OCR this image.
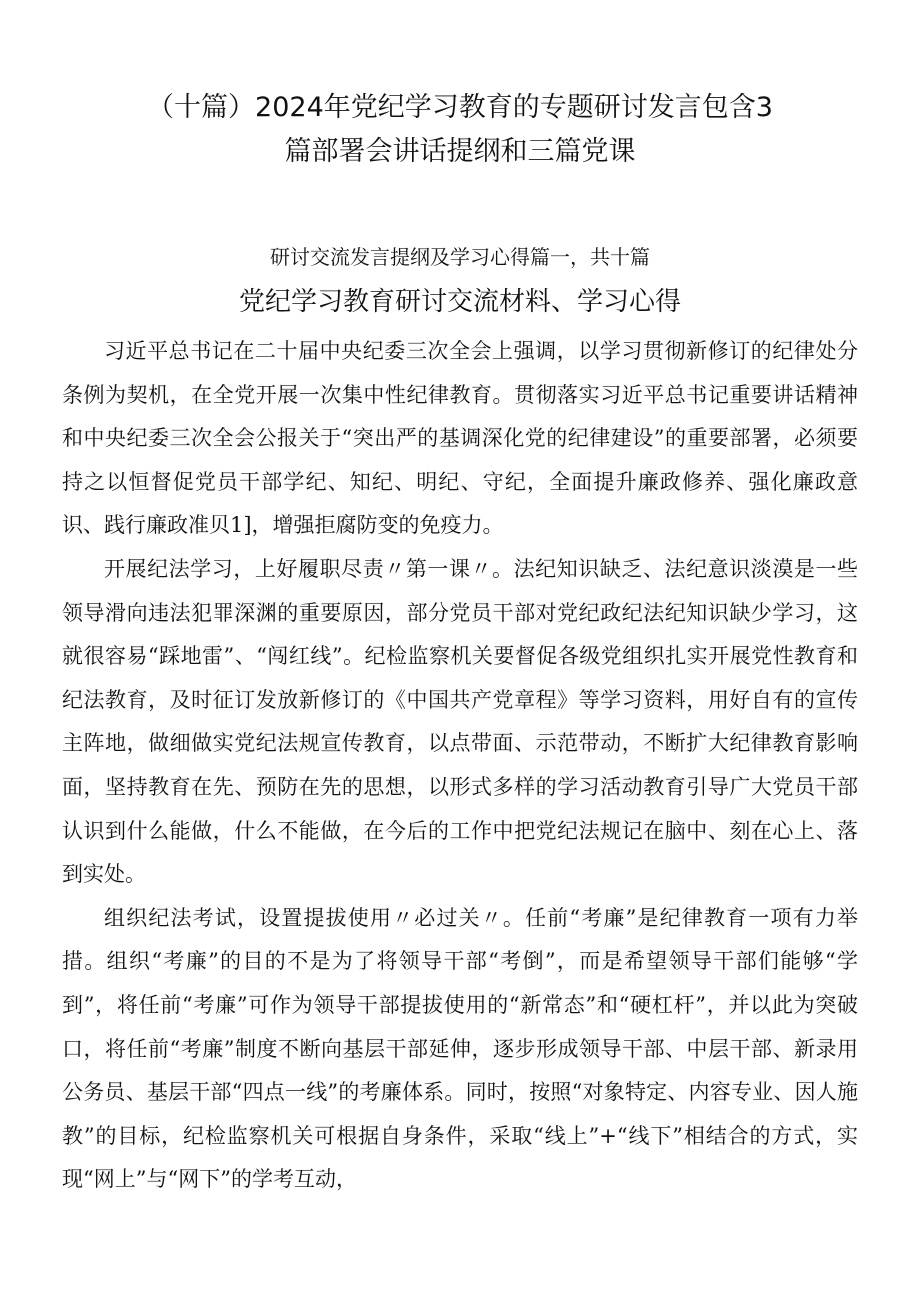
（十篇）2024年党纪学习教育的专题研讨发言包含3
篇部署会讲话提纲和三篇党课

研讨交流发言提纲及学习心得篇一，共十篇

党纪学习教育研讨交流材料、学习心得

习近平总书记在二十届中央纪委三次全会上强调，以学习贯彻新修订的纪律处分条例为契机，在全党开展一次集中性纪律教育。贯彻落实习近平总书记重要讲话精神和中央纪委三次全会公报关于“突出严的基调深化党的纪律建设”的重要部署，必须要持之以恒督促党员干部学纪、知纪、明纪、守纪，全面提升廉政修养、强化廉政意识、践行廉政准贝1]，增强拒腐防变的免疫力。

开展纪法学习，上好履职尽责〃第一课〃。法纪知识缺乏、法纪意识淡漠是一些领导滑向违法犯罪深渊的重要原因，部分党员干部对党纪政纪法纪知识缺少学习，这就很容易“踩地雷”、“闯红线”。纪检监察机关要督促各级党组织扎实开展党性教育和纪法教育，及时征订发放新修订的《中国共产党章程》等学习资料，用好自有的宣传主阵地，做细做实党纪法规宣传教育，以点带面、示范带动，不断扩大纪律教育影响面，坚持教育在先、预防在先的思想，以形式多样的学习活动教育引导广大党员干部认识到什么能做，什么不能做，在今后的工作中把党纪法规记在脑中、刻在心上、落到实处。

组织纪法考试，设置提拔使用〃必过关〃。任前“考廉”是纪律教育一项有力举措。组织“考廉”的目的不是为了将领导干部“考倒”，而是希望领导干部们能够“学到”，将任前“考廉”可作为领导干部提拔使用的“新常态”和“硬杠杆”，并以此为突破口，将任前“考廉”制度不断向基层干部延伸，逐步形成领导干部、中层干部、新录用公务员、基层干部“四点一线”的考廉体系。同时，按照“对象特定、内容专业、因人施教”的目标，纪检监察机关可根据自身条件，采取“线上”+“线下”相结合的方式，实现“网上”与“网下”的学考互动，
